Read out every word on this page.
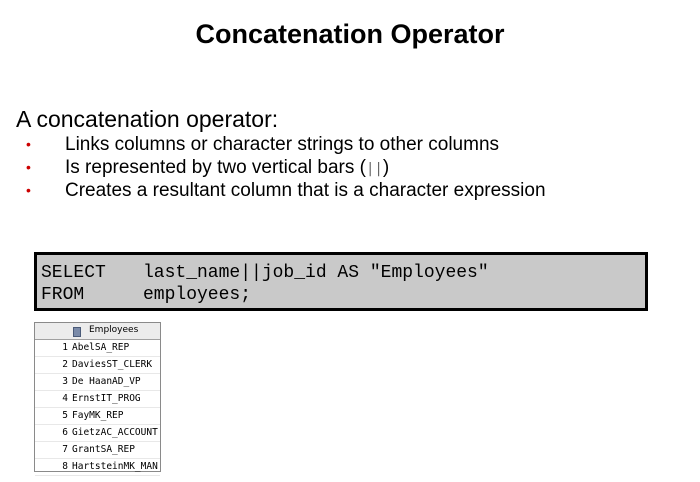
Concatenation Operator
A concatenation operator:
• Links columns or character strings to other columns
• Is represented by two vertical bars (||)
• Creates a resultant column that is a character expression
SELECT last_name||job_id AS "Employees"
FROM	employees;
Employees
1 AbelSA_REP
2 DaviesST_CLERK
3 De HaanAD_VP
4 ErnstIT_PROG
5 FayMK_REP
6 GietzAC_ACCOUNT
7 GrantSA_REP
8 HartsteinMK_MAN
